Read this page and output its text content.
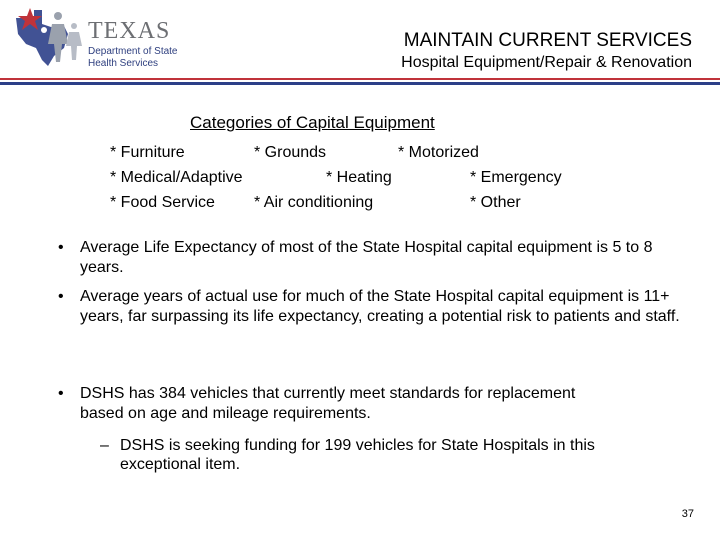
TEXAS
Department of State Health Services
MAINTAIN CURRENT SERVICES
Hospital Equipment/Repair & Renovation
Categories of Capital Equipment
* Furniture	* Grounds	* Motorized
* Medical/Adaptive	* Heating	* Emergency
* Food Service * Air conditioning	* Other
• Average Life Expectancy of most of the State Hospital capital equipment is 5 to 8 years.
• Average years of actual use for much of the State Hospital capital equipment is 11+ years, far surpassing its life expectancy, creating a potential risk to patients and staff.
• DSHS has 384 vehicles that currently meet standards for replacement based on age and mileage requirements.
– DSHS is seeking funding for 199 vehicles for State Hospitals in this exceptional item.
37
